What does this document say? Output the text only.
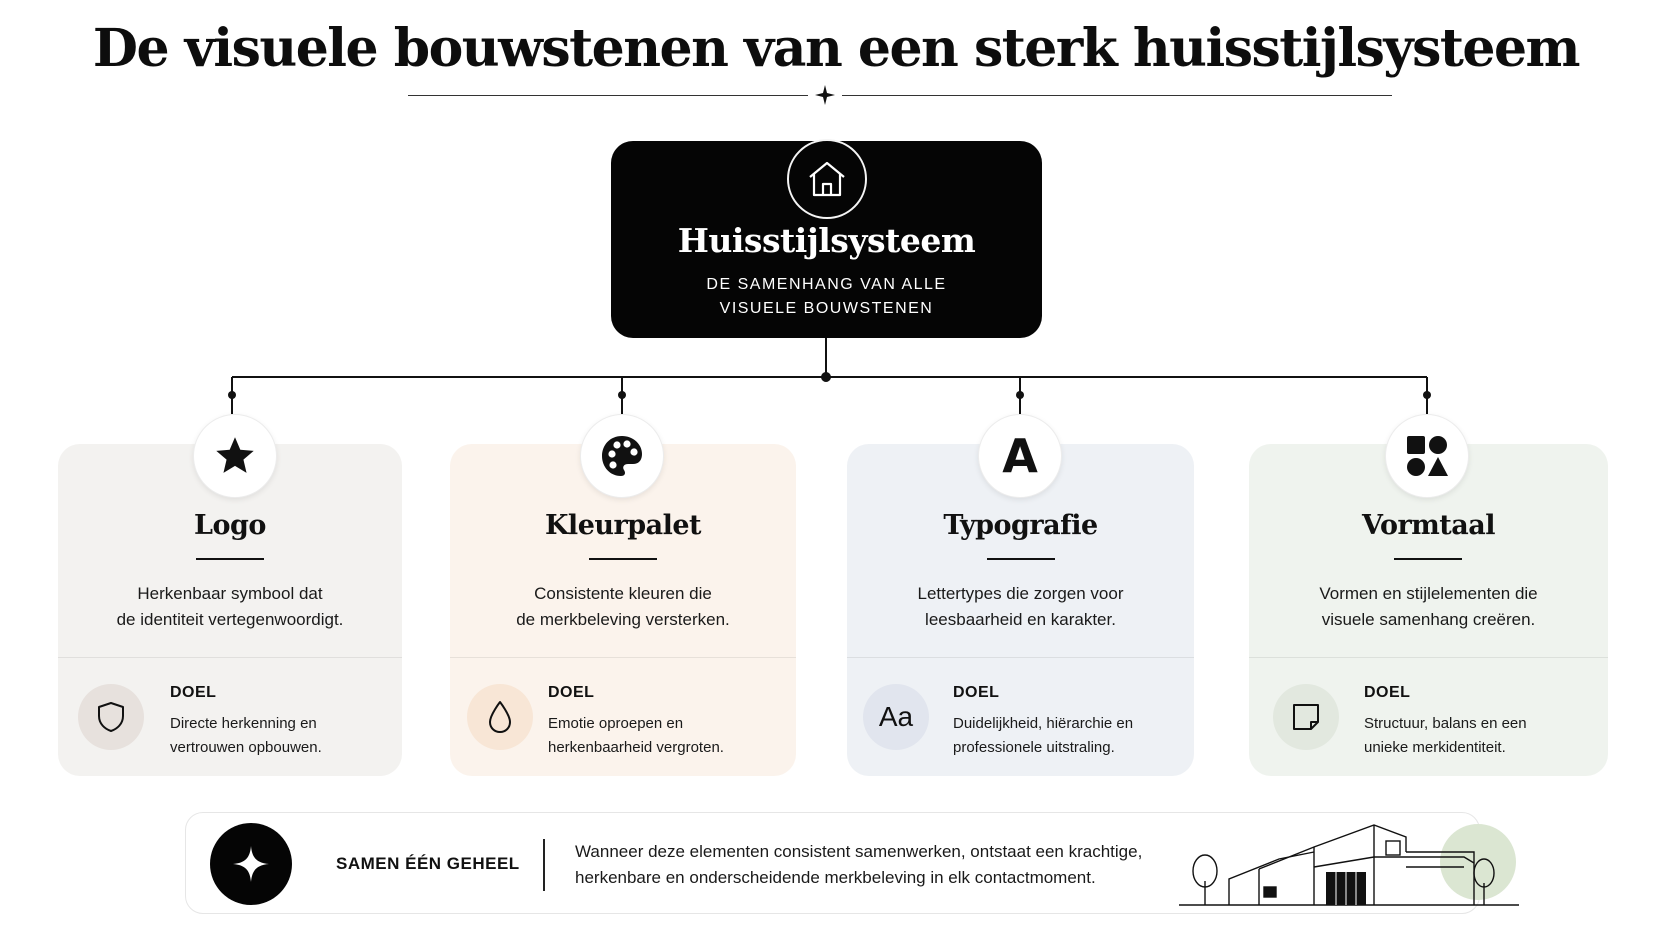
De visuele bouwstenen van een sterk huisstijlsysteem
Huisstijlsysteem
DE SAMENHANG VAN ALLE
VISUELE BOUWSTENEN
Logo
Herkenbaar symbool dat
de identiteit vertegenwoordigt.
DOEL
Directe herkenning en
vertrouwen opbouwen.
Kleurpalet
Consistente kleuren die
de merkbeleving versterken.
DOEL
Emotie oproepen en
herkenbaarheid vergroten.
A
Typografie
Lettertypes die zorgen voor
leesbaarheid en karakter.
Aa
DOEL
Duidelijkheid, hiërarchie en
professionele uitstraling.
Vormtaal
Vormen en stijlelementen die
visuele samenhang creëren.
DOEL
Structuur, balans en een
unieke merkidentiteit.
SAMEN ÉÉN GEHEEL
Wanneer deze elementen consistent samenwerken, ontstaat een krachtige,
herkenbare en onderscheidende merkbeleving in elk contactmoment.
